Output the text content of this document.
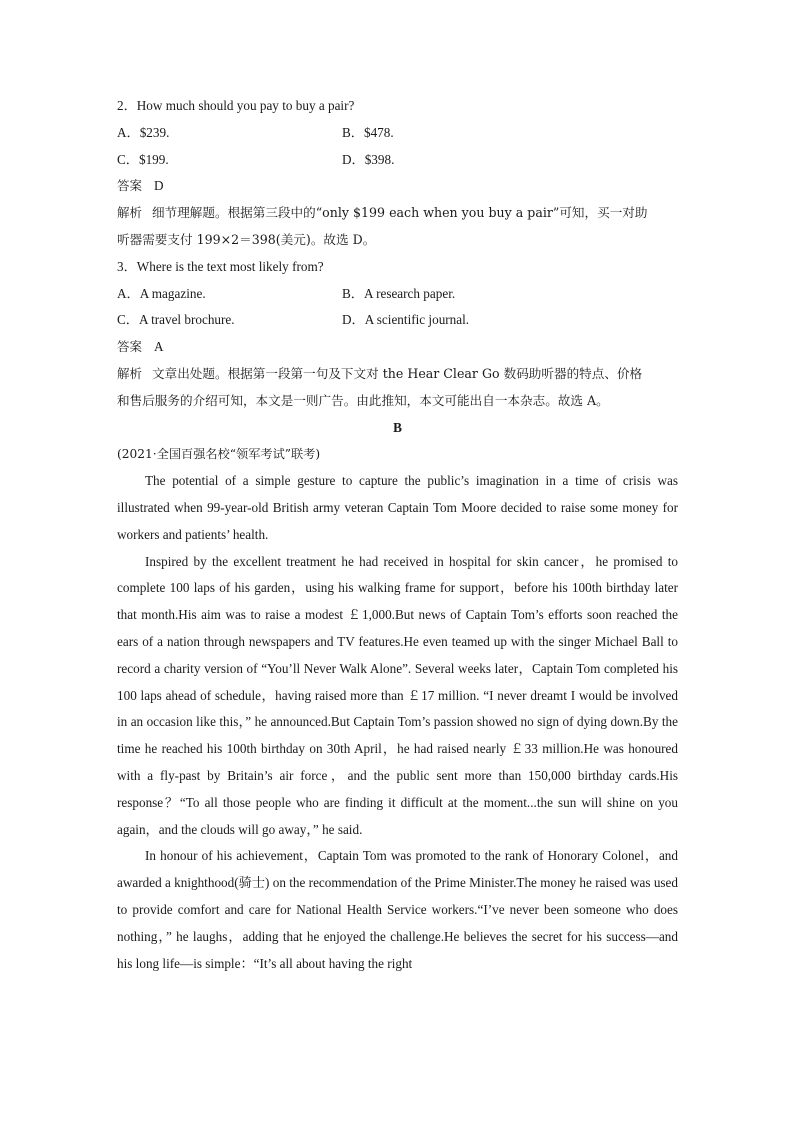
2．How much should you pay to buy a pair?

A．$239.	B．$478.
C．$199.	D．$398.

答案 D

解析 细节理解题。根据第三段中的“only $199 each when you buy a pair”可知，买一对助

听器需要支付 199×2＝398(美元)。故选 D。

3．Where is the text most likely from?

A．A magazine.	B．A research paper.
C．A travel brochure.	D．A scientific journal.

答案 A

解析 文章出处题。根据第一段第一句及下文对 the Hear Clear Go 数码助听器的特点、价格

和售后服务的介绍可知，本文是一则广告。由此推知，本文可能出自一本杂志。故选 A。

B

(2021·全国百强名校“领军考试”联考)

The potential of a simple gesture to capture the public’s imagination in a time of crisis was illustrated when 99-year-old British army veteran Captain Tom Moore decided to raise some money for workers and patients’ health.

Inspired by the excellent treatment he had received in hospital for skin cancer，he promised to complete 100 laps of his garden，using his walking frame for support，before his 100th birthday later that month.His aim was to raise a modest ￡1,000.But news of Captain Tom’s efforts soon reached the ears of a nation through newspapers and TV features.He even teamed up with the singer Michael Ball to record a charity version of “You’ll Never Walk Alone”. Several weeks later，Captain Tom completed his 100 laps ahead of schedule，having raised more than ￡17 million. “I never dreamt I would be involved in an occasion like this，” he announced.But Captain Tom’s passion showed no sign of dying down.By the time he reached his 100th birthday on 30th April，he had raised nearly ￡33 million.He was honoured with a fly-past by Britain’s air force，and the public sent more than 150,000 birthday cards.His response？“To all those people who are finding it difficult at the moment...the sun will shine on you again，and the clouds will go away，” he said.

In honour of his achievement，Captain Tom was promoted to the rank of Honorary Colonel，and awarded a knighthood(骑士) on the recommendation of the Prime Minister.The money he raised was used to provide comfort and care for National Health Service workers.“I’ve never been someone who does nothing，” he laughs，adding that he enjoyed the challenge.He believes the secret for his success—and his long life—is simple：“It’s all about having the right
